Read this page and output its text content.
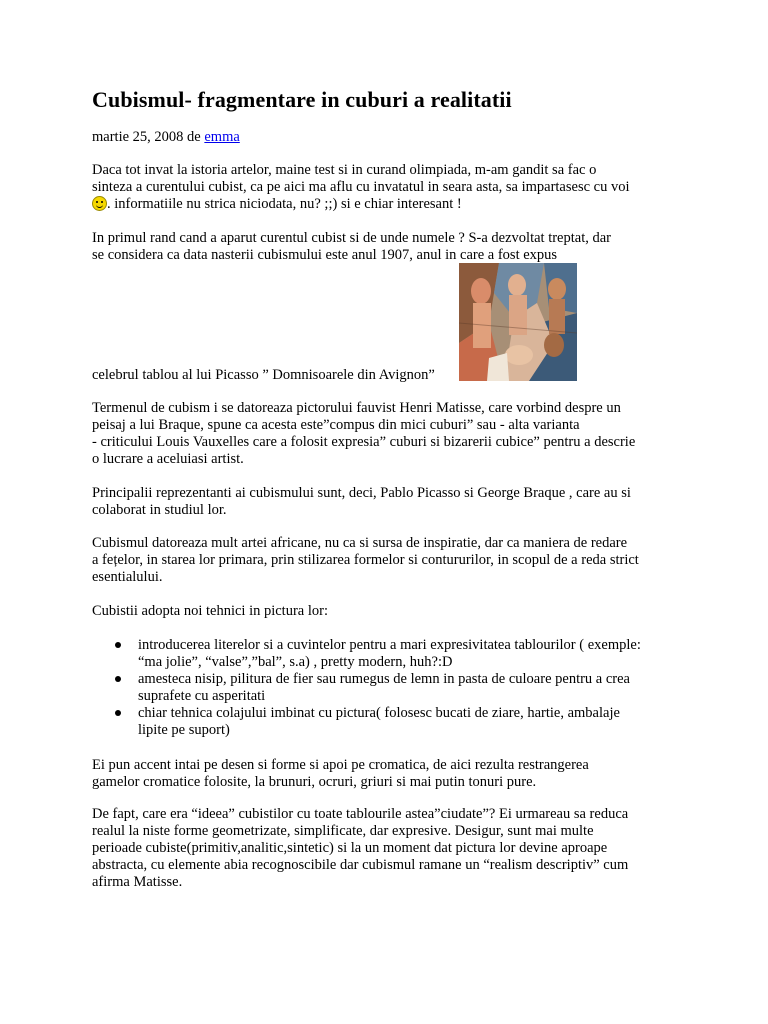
Cubismul- fragmentare in cuburi a realitatii
martie 25, 2008 de emma
Daca tot invat la istoria artelor, maine test si in curand olimpiada, m-am gandit sa fac o
sinteza a curentului cubist, ca pe aici ma aflu cu invatatul in seara asta, sa impartasesc cu voi
. informatiile nu strica niciodata, nu? ;;) si e chiar interesant !
In primul rand cand a aparut curentul cubist si de unde numele ? S-a dezvoltat treptat, dar
se considera ca data nasterii cubismului este anul 1907, anul in care a fost expus
celebrul tablou al lui Picasso ” Domnisoarele din Avignon”
Termenul de cubism i se datoreaza pictorului fauvist Henri Matisse, care vorbind despre un
peisaj a lui Braque, spune ca acesta este”compus din mici cuburi” sau - alta varianta
- criticului Louis Vauxelles care a folosit expresia” cuburi si bizarerii cubice” pentru a descrie
o lucrare a aceluiasi artist.
Principalii reprezentanti ai cubismului sunt, deci, Pablo Picasso si George Braque , care au si
colaborat in studiul lor.
Cubismul datoreaza mult artei africane, nu ca si sursa de inspiratie, dar ca maniera de redare
a fețelor, in starea lor primara, prin stilizarea formelor si contururilor, in scopul de a reda strict
esentialului.
Cubistii adopta noi tehnici in pictura lor:
introducerea literelor si a cuvintelor pentru a mari expresivitatea tablourilor ( exemple:
“ma jolie”, “valse”,”bal”, s.a) , pretty modern, huh?:D
amesteca nisip, pilitura de fier sau rumegus de lemn in pasta de culoare pentru a crea
suprafete cu asperitati
chiar tehnica colajului imbinat cu pictura( folosesc bucati de ziare, hartie, ambalaje
lipite pe suport)
Ei pun accent intai pe desen si forme si apoi pe cromatica, de aici rezulta restrangerea
gamelor cromatice folosite, la brunuri, ocruri, griuri si mai putin tonuri pure.
De fapt, care era “ideea” cubistilor cu toate tablourile astea”ciudate”? Ei urmareau sa reduca
realul la niste forme geometrizate, simplificate, dar expresive. Desigur, sunt mai multe
perioade cubiste(primitiv,analitic,sintetic) si la un moment dat pictura lor devine aproape
abstracta, cu elemente abia recognoscibile dar cubismul ramane un “realism descriptiv” cum
afirma Matisse.
